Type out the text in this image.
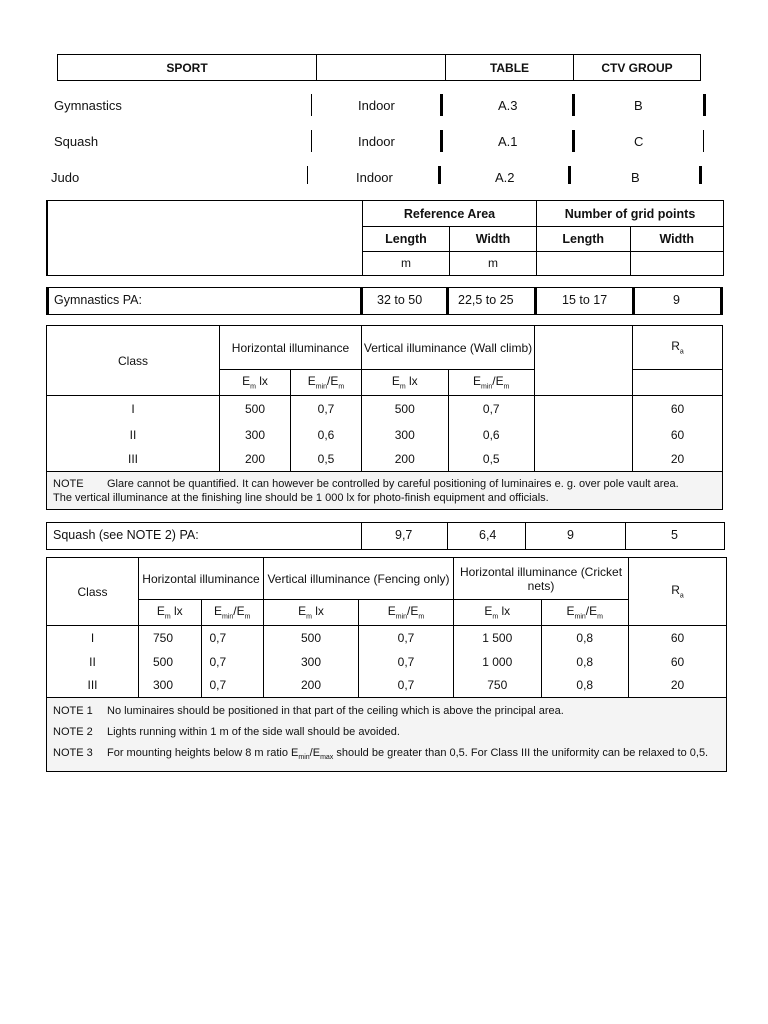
SPORT		TABLE	CTV GROUP
Gymnastics	Indoor	A.3	B
Squash	Indoor	A.1	C
Judo	Indoor	A.2	B
	Reference Area		Number of grid points	
	Length	Width	Length	Width
	m	m		
Gymnastics PA:	32 to 50	22,5 to 25	15 to 17	9
Class	Horizontal illuminance		Vertical illuminance (Wall climb)			$R_a$
	$E_m$ lx	$E_{min}/E_m$	$E_m$ lx	$E_{min}/E_m$	
I	500	0,7	500	0,7		60
II	300	0,6	300	0,6		60
III	200	0,5	200	0,5		20
NOTE Glare cannot be quantified. It can however be controlled by careful positioning of luminaires e. g. over pole vault area.
The vertical illuminance at the finishing line should be 1 000 lx for photo-finish equipment and officials.						
Squash (see NOTE 2) PA:	9,7	6,4	9	5
Class	Horizontal illuminance		Vertical illuminance (Fencing only)		Horizontal illuminance (Cricket nets)		$R_a$
	$E_m$ lx	$E_{min}/E_m$	$E_m$ lx	$E_{min}/E_m$	$E_m$ lx	$E_{min}/E_m$
I	750	0,7	500	0,7	1 500	0,8	60
II	500	0,7	300	0,7	1 000	0,8	60
III	300	0,7	200	0,7	750	0,8	20

NOTE 1 No luminaires should be positioned in that part of the ceiling which is above the principal area.
NOTE 2 Lights running within 1 m of the side wall should be avoided.
NOTE 3 For mounting heights below 8 m ratio $E_{min}/E_{max}$ should be greater than 0,5. For Class III the uniformity can be relaxed to 0,5.							
